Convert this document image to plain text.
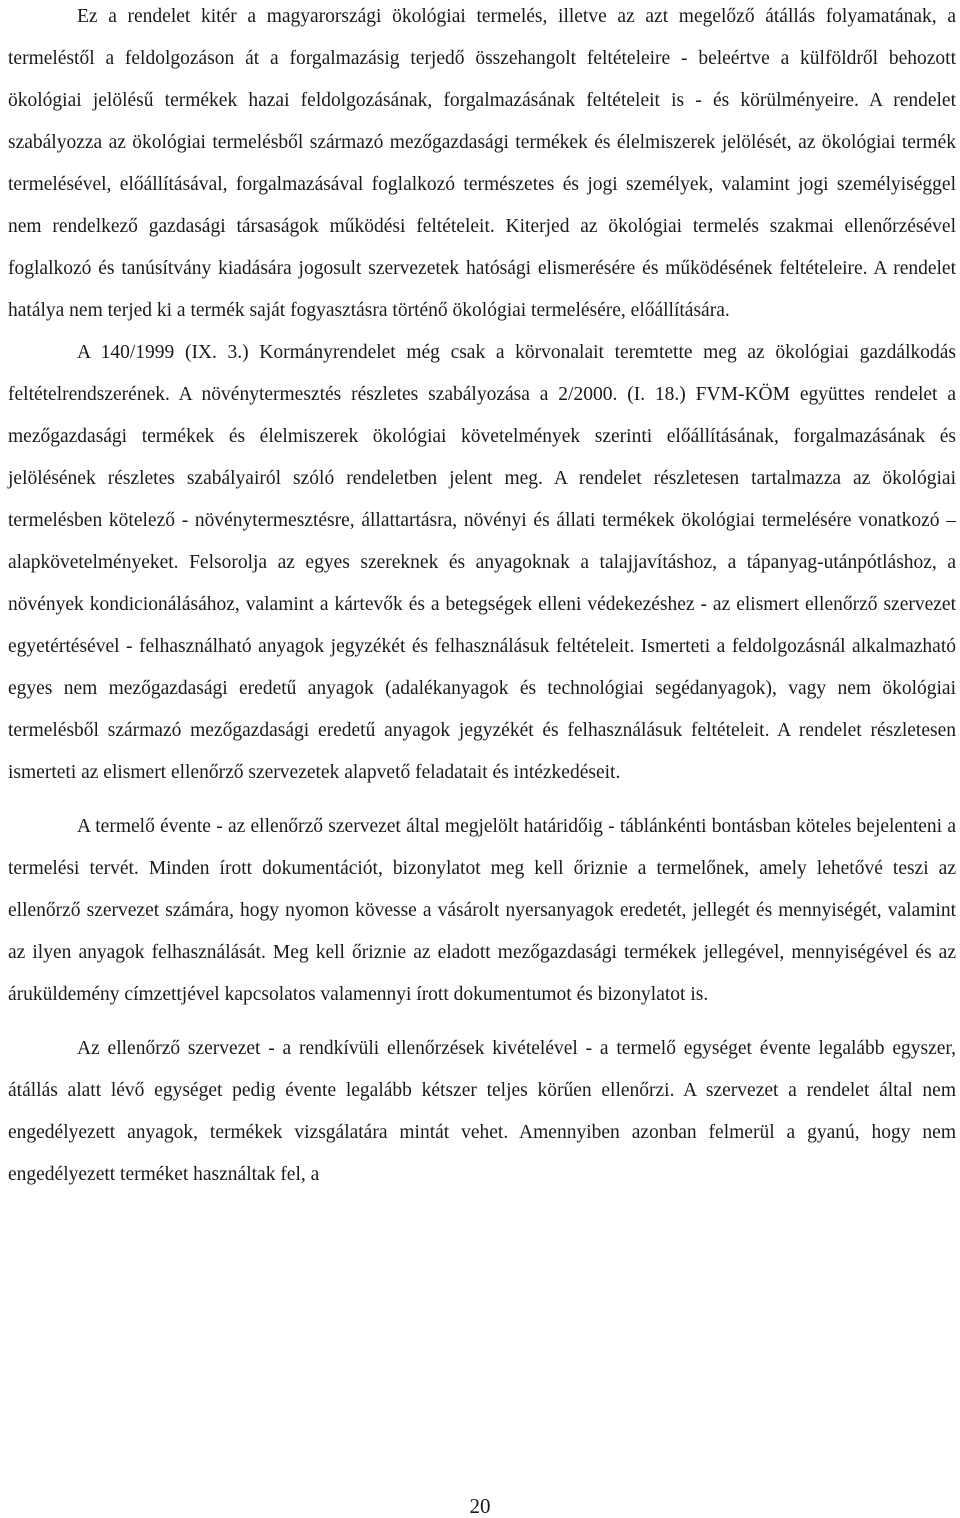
Ez a rendelet kitér a magyarországi ökológiai termelés, illetve az azt megelőző átállás folyamatának, a termeléstől a feldolgozáson át a forgalmazásig terjedő összehangolt feltételeire - beleértve a külföldről behozott ökológiai jelölésű termékek hazai feldolgozásának, forgalmazásának feltételeit is - és körülményeire. A rendelet szabályozza az ökológiai termelésből származó mezőgazdasági termékek és élelmiszerek jelölését, az ökológiai termék termelésével, előállításával, forgalmazásával foglalkozó természetes és jogi személyek, valamint jogi személyiséggel nem rendelkező gazdasági társaságok működési feltételeit. Kiterjed az ökológiai termelés szakmai ellenőrzésével foglalkozó és tanúsítvány kiadására jogosult szervezetek hatósági elismerésére és működésének feltételeire. A rendelet hatálya nem terjed ki a termék saját fogyasztásra történő ökológiai termelésére, előállítására.

A 140/1999 (IX. 3.) Kormányrendelet még csak a körvonalait teremtette meg az ökológiai gazdálkodás feltételrendszerének. A növénytermesztés részletes szabályozása a 2/2000. (I. 18.) FVM-KÖM együttes rendelet a mezőgazdasági termékek és élelmiszerek ökológiai követelmények szerinti előállításának, forgalmazásának és jelölésének részletes szabályairól szóló rendeletben jelent meg. A rendelet részletesen tartalmazza az ökológiai termelésben kötelező - növénytermesztésre, állattartásra, növényi és állati termékek ökológiai termelésére vonatkozó – alapkövetelményeket. Felsorolja az egyes szereknek és anyagoknak a talajjavításhoz, a tápanyag-utánpótláshoz, a növények kondicionálásához, valamint a kártevők és a betegségek elleni védekezéshez - az elismert ellenőrző szervezet egyetértésével - felhasználható anyagok jegyzékét és felhasználásuk feltételeit. Ismerteti a feldolgozásnál alkalmazható egyes nem mezőgazdasági eredetű anyagok (adalékanyagok és technológiai segédanyagok), vagy nem ökológiai termelésből származó mezőgazdasági eredetű anyagok jegyzékét és felhasználásuk feltételeit. A rendelet részletesen ismerteti az elismert ellenőrző szervezetek alapvető feladatait és intézkedéseit.

A termelő évente - az ellenőrző szervezet által megjelölt határidőig - táblánkénti bontásban köteles bejelenteni a termelési tervét. Minden írott dokumentációt, bizonylatot meg kell őriznie a termelőnek, amely lehetővé teszi az ellenőrző szervezet számára, hogy nyomon kövesse a vásárolt nyersanyagok eredetét, jellegét és mennyiségét, valamint az ilyen anyagok felhasználását. Meg kell őriznie az eladott mezőgazdasági termékek jellegével, mennyiségével és az áruküldemény címzettjével kapcsolatos valamennyi írott dokumentumot és bizonylatot is.

Az ellenőrző szervezet - a rendkívüli ellenőrzések kivételével - a termelő egységet évente legalább egyszer, átállás alatt lévő egységet pedig évente legalább kétszer teljes körűen ellenőrzi. A szervezet a rendelet által nem engedélyezett anyagok, termékek vizsgálatára mintát vehet. Amennyiben azonban felmerül a gyanú, hogy nem engedélyezett terméket használtak fel, a

20
